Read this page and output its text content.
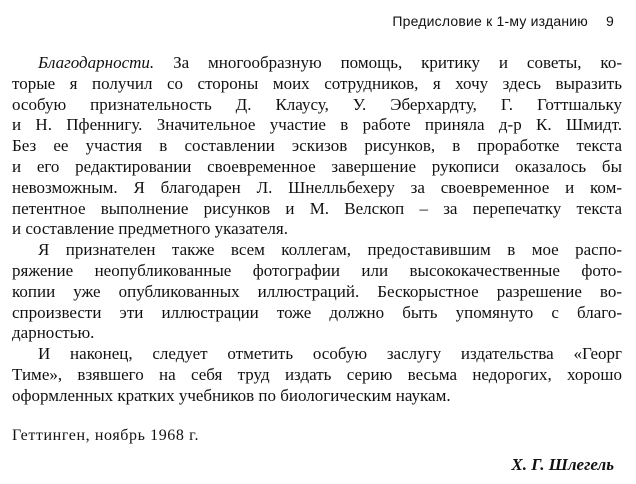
Предисловие к 1-му изданию 9
Благодарности. За многообразную помощь, критику и советы, ко-
торые я получил со стороны моих сотрудников, я хочу здесь выразить
особую признательность Д. Клаусу, У. Эберхардту, Г. Готтшальку
и Н. Пфеннигу. Значительное участие в работе приняла д-р К. Шмидт.
Без ее участия в составлении эскизов рисунков, в проработке текста
и его редактировании своевременное завершение рукописи оказалось бы
невозможным. Я благодарен Л. Шнелльбехеру за своевременное и ком-
петентное выполнение рисунков и М. Велскоп – за перепечатку текста
и составление предметного указателя.
Я признателен также всем коллегам, предоставившим в мое распо-
ряжение неопубликованные фотографии или высококачественные фото-
копии уже опубликованных иллюстраций. Бескорыстное разрешение во-
спроизвести эти иллюстрации тоже должно быть упомянуто с благо-
дарностью.
И наконец, следует отметить особую заслугу издательства «Георг
Тиме», взявшего на себя труд издать серию весьма недорогих, хорошо
оформленных кратких учебников по биологическим наукам.
Геттинген, ноябрь 1968 г.
Х. Г. Шлегель
